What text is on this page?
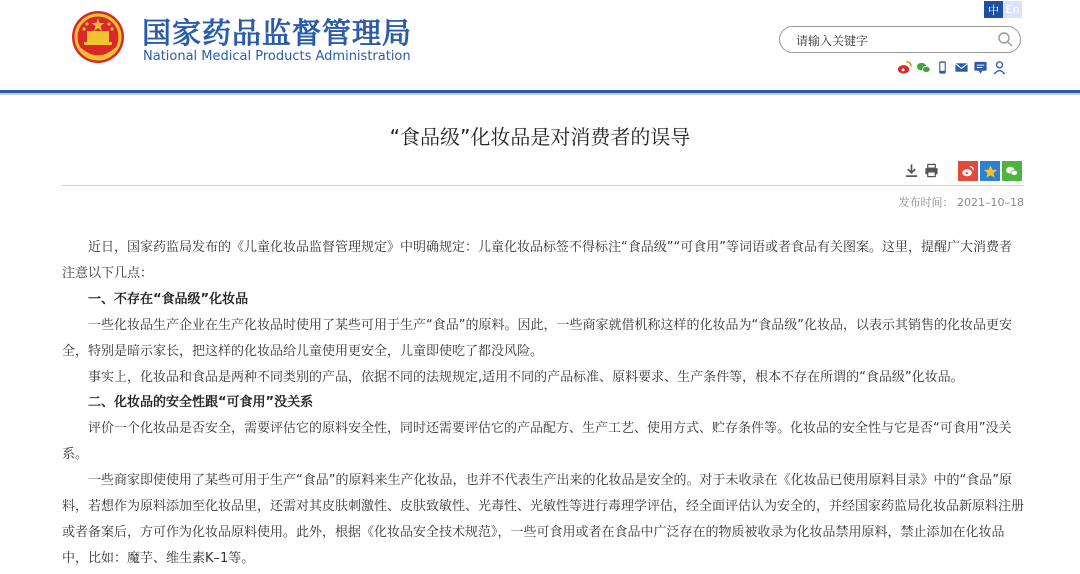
国家药品监督管理局
National Medical Products Administration
中 En
请输入关键字
“食品级”化妆品是对消费者的误导
发布时间： 2021–10–18

近日，国家药监局发布的《儿童化妆品监督管理规定》中明确规定：儿童化妆品标签不得标注“食品级”“可食用”等词语或者食品有关图案。这里，提醒广大消费者注意以下几点：

一、不存在“食品级”化妆品

一些化妆品生产企业在生产化妆品时使用了某些可用于生产“食品”的原料。因此，一些商家就借机称这样的化妆品为“食品级”化妆品，以表示其销售的化妆品更安全，特别是暗示家长，把这样的化妆品给儿童使用更安全，儿童即使吃了都没风险。

事实上，化妆品和食品是两种不同类别的产品，依据不同的法规规定,适用不同的产品标准、原料要求、生产条件等，根本不存在所谓的“食品级”化妆品。

二、化妆品的安全性跟“可食用”没关系

评价一个化妆品是否安全，需要评估它的原料安全性，同时还需要评估它的产品配方、生产工艺、使用方式、贮存条件等。化妆品的安全性与它是否“可食用”没关系。

一些商家即使使用了某些可用于生产“食品”的原料来生产化妆品，也并不代表生产出来的化妆品是安全的。对于未收录在《化妆品已使用原料目录》中的“食品”原料，若想作为原料添加至化妆品里，还需对其皮肤刺激性、皮肤致敏性、光毒性、光敏性等进行毒理学评估，经全面评估认为安全的，并经国家药监局化妆品新原料注册或者备案后，方可作为化妆品原料使用。此外，根据《化妆品安全技术规范》，一些可食用或者在食品中广泛存在的物质被收录为化妆品禁用原料，禁止添加在化妆品中，比如：魔芋、维生素K–1等。
